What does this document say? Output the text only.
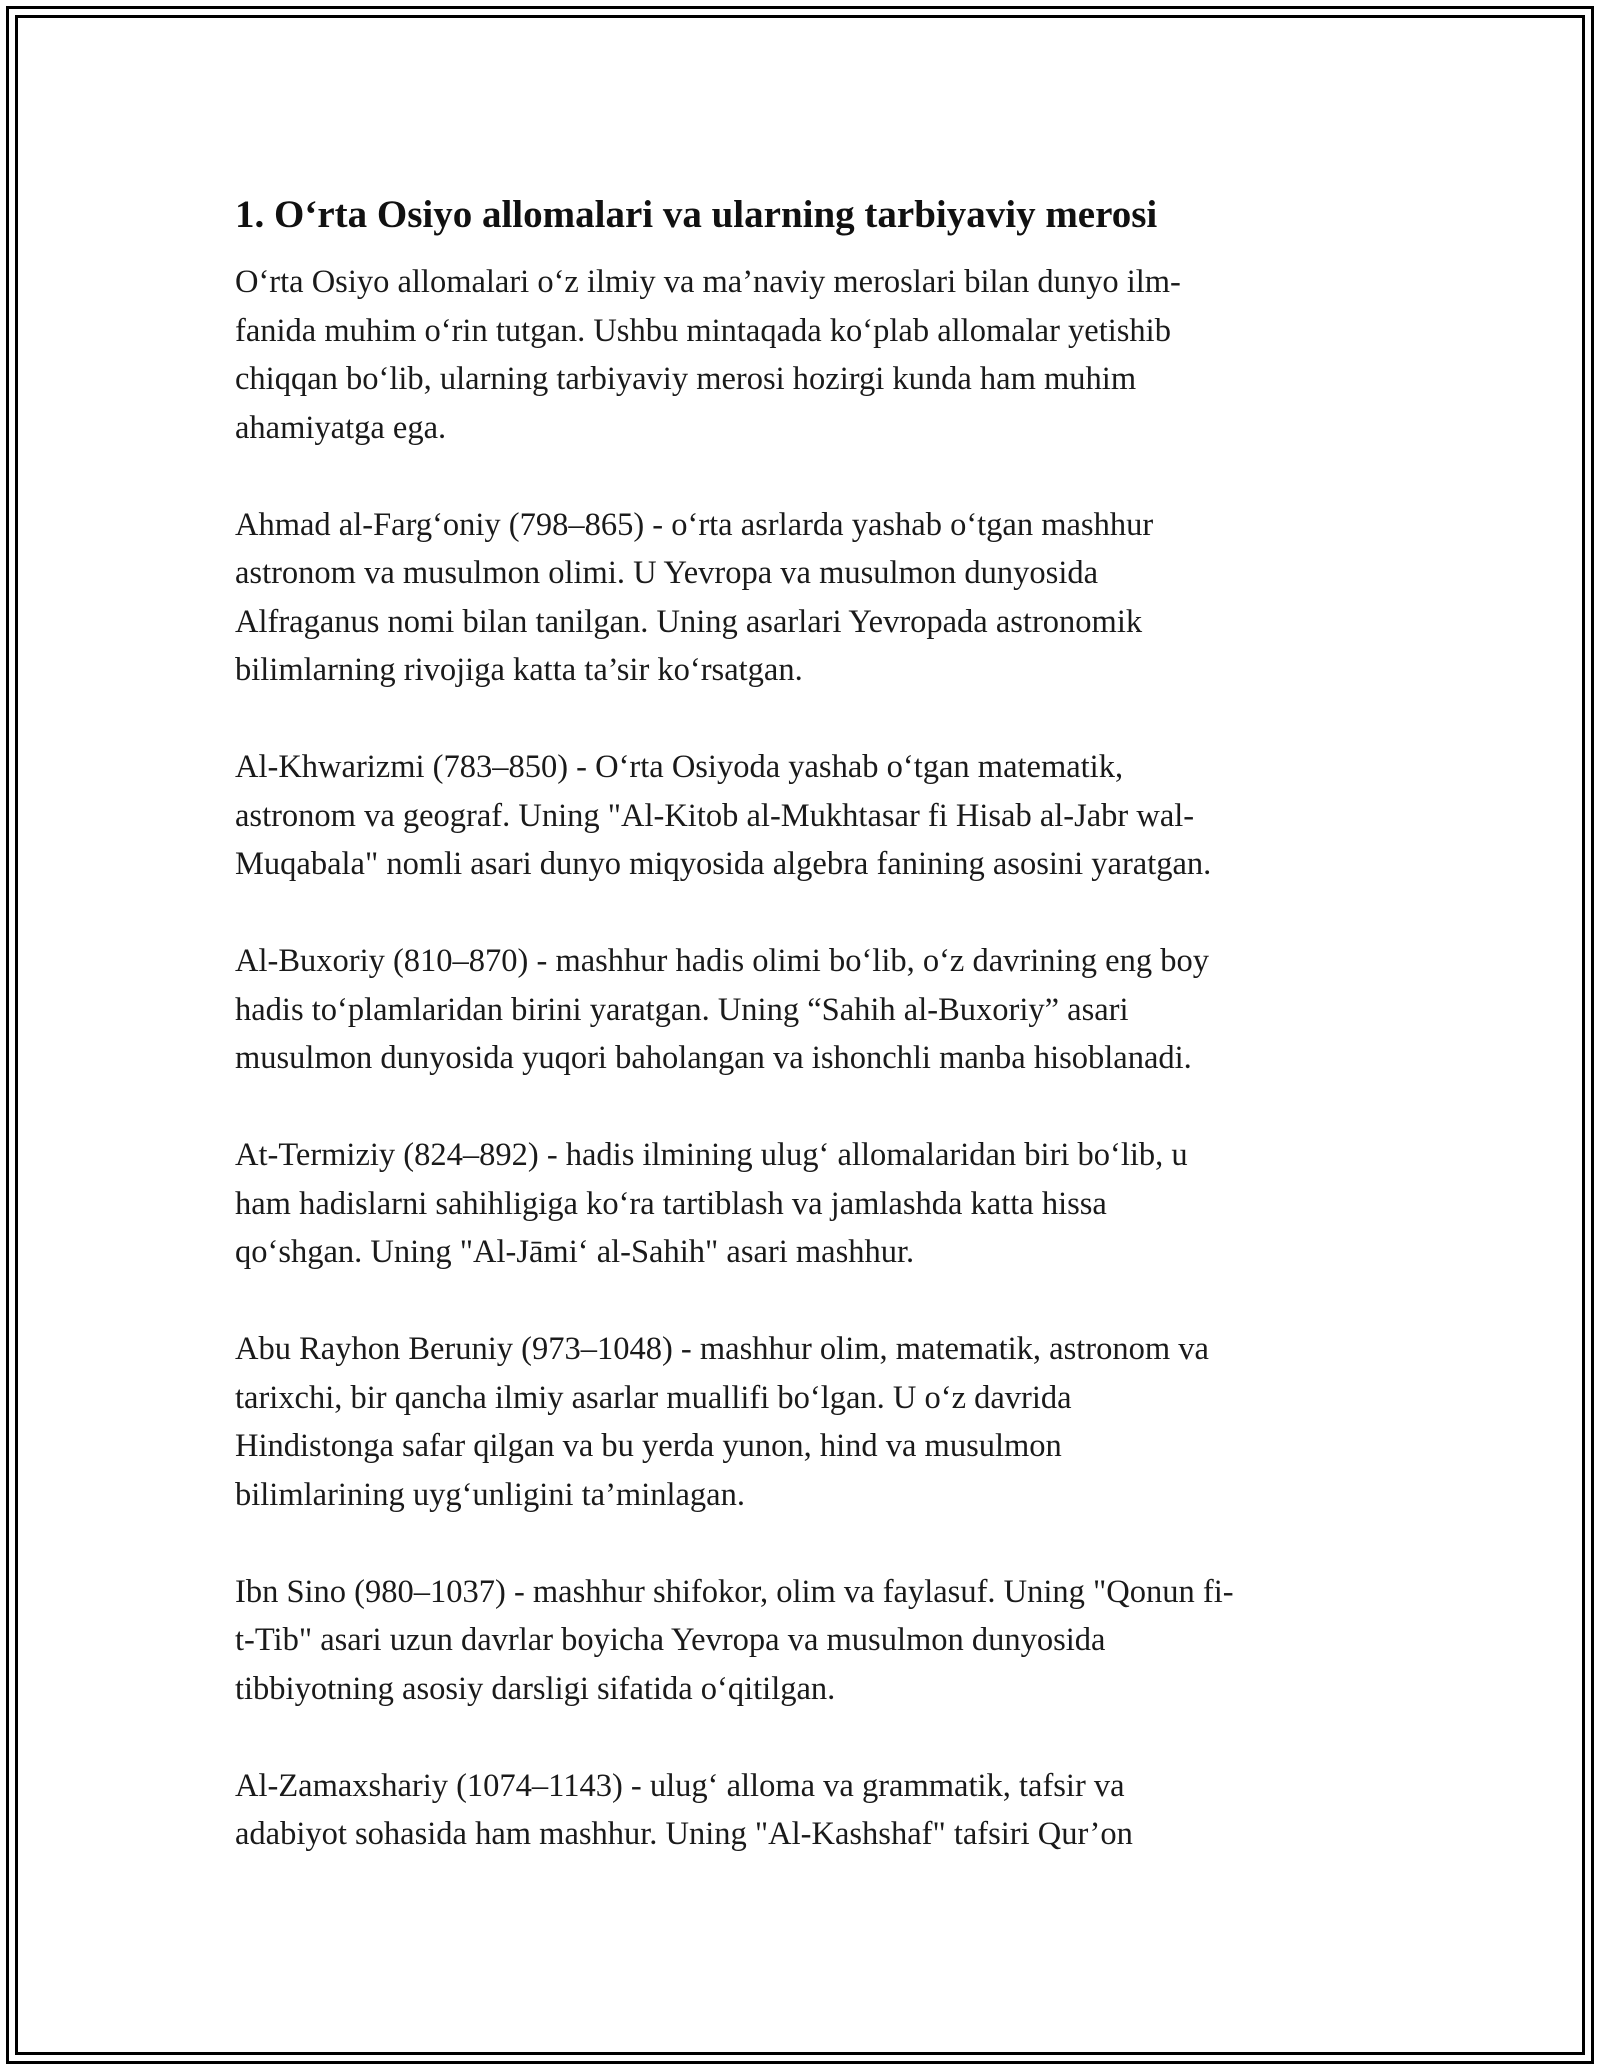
1. O‘rta Osiyo allomalari va ularning tarbiyaviy merosi

O‘rta Osiyo allomalari o‘z ilmiy va ma’naviy meroslari bilan dunyo ilm-
fanida muhim o‘rin tutgan. Ushbu mintaqada ko‘plab allomalar yetishib
chiqqan bo‘lib, ularning tarbiyaviy merosi hozirgi kunda ham muhim
ahamiyatga ega.

Ahmad al-Farg‘oniy (798–865) - o‘rta asrlarda yashab o‘tgan mashhur
astronom va musulmon olimi. U Yevropa va musulmon dunyosida
Alfraganus nomi bilan tanilgan. Uning asarlari Yevropada astronomik
bilimlarning rivojiga katta ta’sir ko‘rsatgan.

Al-Khwarizmi (783–850) - O‘rta Osiyoda yashab o‘tgan matematik,
astronom va geograf. Uning "Al-Kitob al-Mukhtasar fi Hisab al-Jabr wal-
Muqabala" nomli asari dunyo miqyosida algebra fanining asosini yaratgan.

Al-Buxoriy (810–870) - mashhur hadis olimi bo‘lib, o‘z davrining eng boy
hadis to‘plamlaridan birini yaratgan. Uning “Sahih al-Buxoriy” asari
musulmon dunyosida yuqori baholangan va ishonchli manba hisoblanadi.

At-Termiziy (824–892) - hadis ilmining ulug‘ allomalaridan biri bo‘lib, u
ham hadislarni sahihligiga ko‘ra tartiblash va jamlashda katta hissa
qo‘shgan. Uning "Al-Jāmi‘ al-Sahih" asari mashhur.

Abu Rayhon Beruniy (973–1048) - mashhur olim, matematik, astronom va
tarixchi, bir qancha ilmiy asarlar muallifi bo‘lgan. U o‘z davrida
Hindistonga safar qilgan va bu yerda yunon, hind va musulmon
bilimlarining uyg‘unligini ta’minlagan.

Ibn Sino (980–1037) - mashhur shifokor, olim va faylasuf. Uning "Qonun fi-
t-Tib" asari uzun davrlar boyicha Yevropa va musulmon dunyosida
tibbiyotning asosiy darsligi sifatida o‘qitilgan.

Al-Zamaxshariy (1074–1143) - ulug‘ alloma va grammatik, tafsir va
adabiyot sohasida ham mashhur. Uning "Al-Kashshaf" tafsiri Qur’on
